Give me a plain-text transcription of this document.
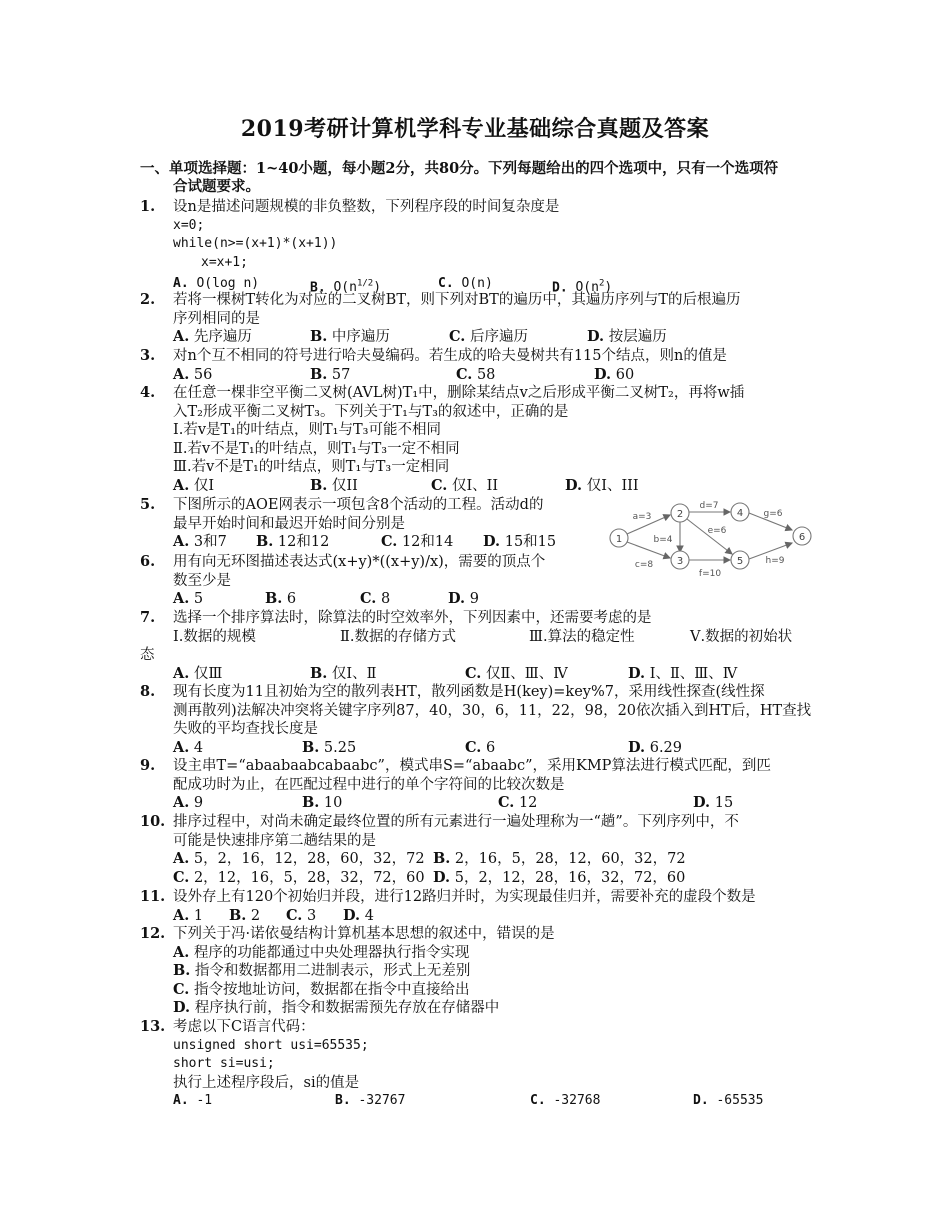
2019考研计算机学科专业基础综合真题及答案
一、单项选择题：1~40小题，每小题2分，共80分。下列每题给出的四个选项中，只有一个选项符
合试题要求。
1. 设n是描述问题规模的非负整数，下列程序段的时间复杂度是
x=0;
while(n>=(x+1)*(x+1))
x=x+1;
A. O(log n)	B. $O(n^{1/2})$	C. O(n)	D. $O(n^2)$
2. 若将一棵树T转化为对应的二叉树BT，则下列对BT的遍历中，其遍历序列与T的后根遍历
序列相同的是
A. 先序遍历	B. 中序遍历	C. 后序遍历	D. 按层遍历
3. 对n个互不相同的符号进行哈夫曼编码。若生成的哈夫曼树共有115个结点，则n的值是
A. 56	B. 57	C. 58	D. 60
4. 在任意一棵非空平衡二叉树(AVL树)T₁中，删除某结点v之后形成平衡二叉树T₂，再将w插
入T₂形成平衡二叉树T₃。下列关于T₁与T₃的叙述中，正确的是
I.若v是T₁的叶结点，则T₁与T₃可能不相同
Ⅱ.若v不是T₁的叶结点，则T₁与T₃一定不相同
Ⅲ.若v不是T₁的叶结点，则T₁与T₃一定相同
A. 仅I	B. 仅II	C. 仅I、II	D. 仅I、III
5. 下图所示的AOE网表示一项包含8个活动的工程。活动d的
最早开始时间和最迟开始时间分别是
A. 3和7 B. 12和12	C. 12和14 D. 15和15	1
2
3
4
5
6
a=3
b=4
c=8
d=7
e=6
f=10
g=6
h=9
6. 用有向无环图描述表达式(x+y)*((x+y)/x)，需要的顶点个
数至少是
A. 5	B. 6	C. 8	D. 9
7. 选择一个排序算法时，除算法的时空效率外，下列因素中，还需要考虑的是
I.数据的规模	Ⅱ.数据的存储方式	Ⅲ.算法的稳定性	Ⅴ.数据的初始状
态
A. 仅Ⅲ	B. 仅I、Ⅱ	C. 仅Ⅱ、Ⅲ、Ⅳ	D. I、Ⅱ、Ⅲ、Ⅳ
8. 现有长度为11且初始为空的散列表HT，散列函数是H(key)=key%7，采用线性探查(线性探
测再散列)法解决冲突将关键字序列87，40，30，6，11，22，98，20依次插入到HT后，HT查找
失败的平均查找长度是
A. 4	B. 5.25	C. 6	D. 6.29
9. 设主串T=“abaabaabcabaabc”，模式串S=“abaabc”，采用KMP算法进行模式匹配，到匹
配成功时为止，在匹配过程中进行的单个字符间的比较次数是
A. 9	B. 10	C. 12	D. 15
10. 排序过程中，对尚未确定最终位置的所有元素进行一遍处理称为一“趟”。下列序列中，不
可能是快速排序第二趟结果的是
A. 5，2，16，12，28，60，32，72 B. 2，16，5，28，12，60，32，72
C. 2，12，16，5，28，32，72，60 D. 5，2，12，28，16，32，72，60
11. 设外存上有120个初始归并段，进行12路归并时，为实现最佳归并，需要补充的虚段个数是
A. 1 B. 2 C. 3 D. 4
12. 下列关于冯·诺依曼结构计算机基本思想的叙述中，错误的是
A. 程序的功能都通过中央处理器执行指令实现
B. 指令和数据都用二进制表示，形式上无差别
C. 指令按地址访问，数据都在指令中直接给出
D. 程序执行前，指令和数据需预先存放在存储器中
13. 考虑以下C语言代码：
unsigned short usi=65535;
short si=usi;
执行上述程序段后，si的值是
A. -1	B. -32767	C. -32768	D. -65535
